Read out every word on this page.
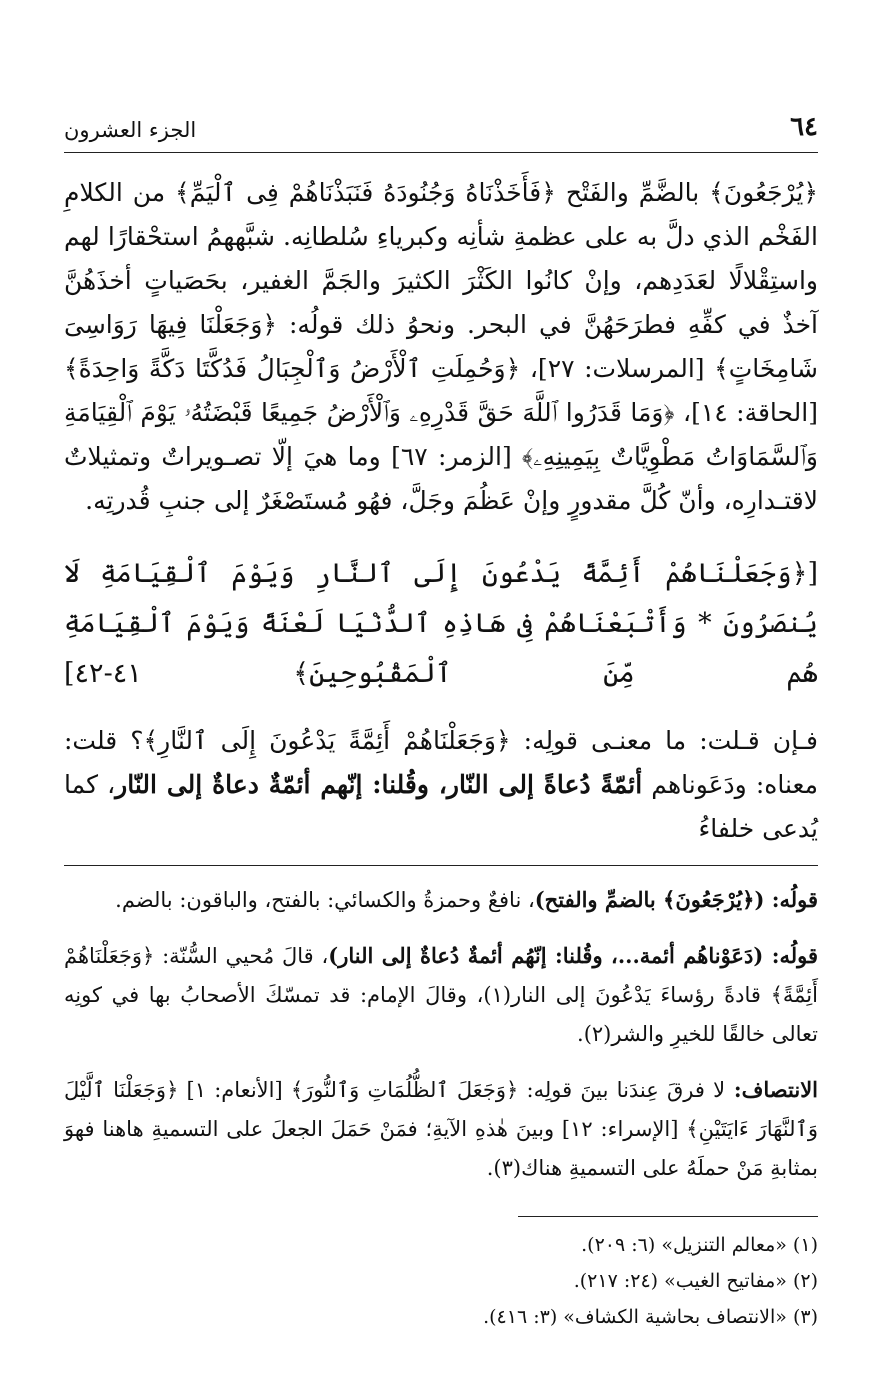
٦٤
الجزء العشرون

﴿يُرْجَعُونَ﴾ بالضَّمِّ والفَتْح ﴿فَأَخَذْنَاهُ وَجُنُودَهُ فَنَبَذْنَاهُمْ فِى ٱلْيَمِّ﴾ من الكلامِ الفَخْم الذي دلَّ به على عظمةِ شأنِه وكبرياءِ سُلطانِه. شبَّههمُ استحْقارًا لهم واستِقْلالًا لعَدَدِهم، وإنْ كانُوا الكَثْرَ الكثيرَ والجَمَّ الغفير، بحَصَياتٍ أخذَهُنَّ آخذٌ في كفِّهِ فطرَحَهُنَّ في البحر. ونحوُ ذلك قولُه: ﴿وَجَعَلْنَا فِيهَا رَوَاسِىَ شَامِخَاتٍ﴾ [المرسلات: ٢٧]، ﴿وَحُمِلَتِ ٱلْأَرْضُ وَٱلْجِبَالُ فَدُكَّتَا دَكَّةً وَاحِدَةً﴾ [الحاقة: ١٤]، ﴿وَمَا قَدَرُوا ٱللَّهَ حَقَّ قَدْرِهِۦ وَٱلْأَرْضُ جَمِيعًا قَبْضَتُهُۥ يَوْمَ ٱلْقِيَامَةِ وَٱلسَّمَاوَاتُ مَطْوِيَّاتٌ بِيَمِينِهِۦ﴾ [الزمر: ٦٧] وما هيَ إلّا تصـويراتٌ وتمثيلاتٌ لاقتـدارِه، وأنّ كُلَّ مقدورٍ وإنْ عَظُمَ وجَلَّ، فهُو مُستَصْغَرٌ إلى جنبِ قُدرتِه.

[﴿وَجَعَلْنَاهُمْ أَئِمَّةً يَدْعُونَ إِلَى ٱلنَّارِ وَيَوْمَ ٱلْقِيَامَةِ لَا يُنصَرُونَ * وَأَتْبَعْنَاهُمْ فِى هَاذِهِ ٱلدُّنْيَا لَعْنَةً وَيَوْمَ ٱلْقِيَامَةِ هُم مِّنَ ٱلْمَقْبُوحِينَ﴾ ٤١-٤٢]

فـإن قـلت: ما معنـى قولِه: ﴿وَجَعَلْنَاهُمْ أَئِمَّةً يَدْعُونَ إِلَى ٱلنَّارِ﴾؟ قلت: معناه: ودَعَوناهم أئمّةً دُعاةً إلى النّار، وقُلنا: إنّهم أئمّةٌ دعاةٌ إلى النّار، كما يُدعى خلفاءُ

قولُه: (﴿يُرْجَعُونَ﴾ بالضمِّ والفتح)، نافعٌ وحمزةُ والكسائي: بالفتح، والباقون: بالضم.

قولُه: (دَعَوْناهُم أئمة...، وقُلنا: إنّهُم أئمةٌ دُعاةٌ إلى النار)، قالَ مُحيي السُّنّة: ﴿وَجَعَلْنَاهُمْ أَئِمَّةً﴾ قادةً رؤساءَ يَدْعُونَ إلى النار(١)، وقالَ الإمام: قد تمسّكَ الأصحابُ بها في كونِه تعالى خالقًا للخيرِ والشر(٢).

الانتصاف: لا فرقَ عِندَنا بينَ قولِه: ﴿وَجَعَلَ ٱلظُّلُمَاتِ وَٱلنُّورَ﴾ [الأنعام: ١] ﴿وَجَعَلْنَا ٱلَّيْلَ وَٱلنَّهَارَ ءَايَتَيْنِ﴾ [الإسراء: ١٢] وبينَ هٰذهِ الآيةِ؛ فمَنْ حَمَلَ الجعلَ على التسميةِ هاهنا فهوَ بمثابةِ مَنْ حملَهُ على التسميةِ هناك(٣).

(١) «معالم التنزيل» (٦: ٢٠٩).
(٢) «مفاتيح الغيب» (٢٤: ٢١٧).
(٣) «الانتصاف بحاشية الكشاف» (٣: ٤١٦).
